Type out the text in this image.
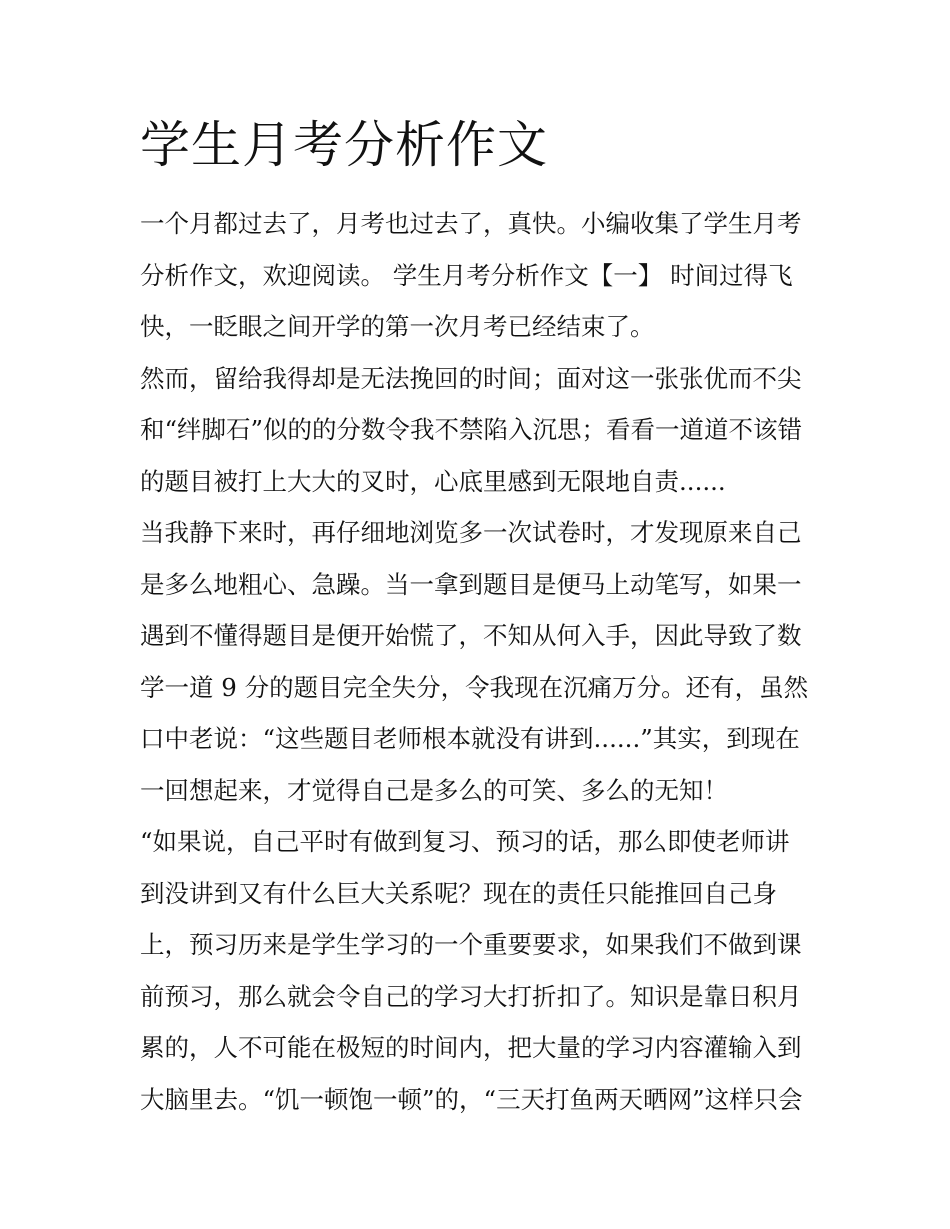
学生月考分析作文
一个月都过去了，月考也过去了，真快。小编收集了学生月考
分析作文，欢迎阅读。 学生月考分析作文【一】 时间过得飞
快，一眨眼之间开学的第一次月考已经结束了。
然而，留给我得却是无法挽回的时间；面对这一张张优而不尖
和“绊脚石”似的的分数令我不禁陷入沉思；看看一道道不该错
的题目被打上大大的叉时，心底里感到无限地自责......
当我静下来时，再仔细地浏览多一次试卷时，才发现原来自己
是多么地粗心、急躁。当一拿到题目是便马上动笔写，如果一
遇到不懂得题目是便开始慌了，不知从何入手，因此导致了数
学一道 9 分的题目完全失分，令我现在沉痛万分。还有，虽然
口中老说：“这些题目老师根本就没有讲到......”其实，到现在
一回想起来，才觉得自己是多么的可笑、多么的无知！
“如果说，自己平时有做到复习、预习的话，那么即使老师讲
到没讲到又有什么巨大关系呢？现在的责任只能推回自己身
上，预习历来是学生学习的一个重要要求，如果我们不做到课
前预习，那么就会令自己的学习大打折扣了。知识是靠日积月
累的，人不可能在极短的时间内，把大量的学习内容灌输入到
大脑里去。“饥一顿饱一顿”的，“三天打鱼两天晒网”这样只会
